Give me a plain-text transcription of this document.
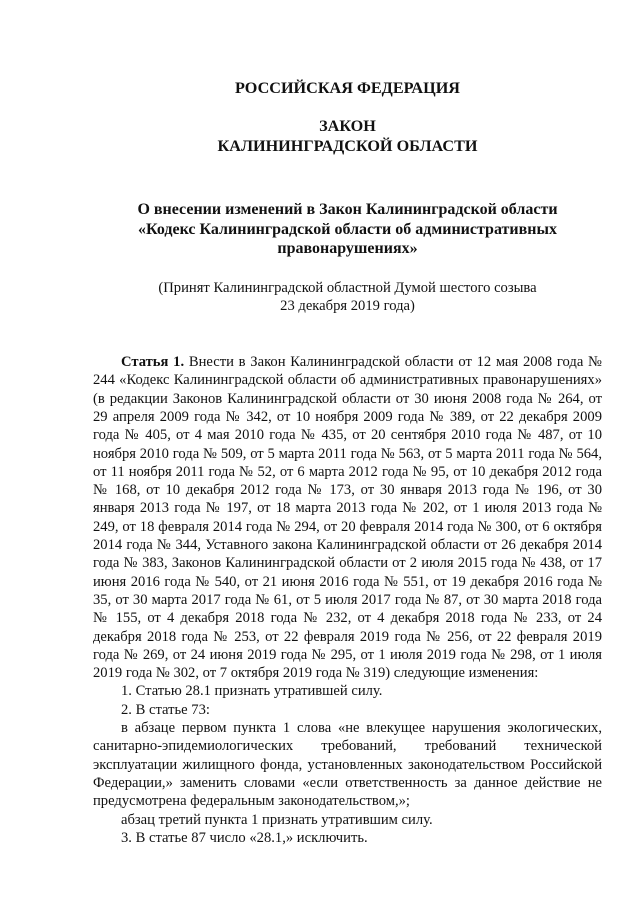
РОССИЙСКАЯ ФЕДЕРАЦИЯ
ЗАКОН
КАЛИНИНГРАДСКОЙ ОБЛАСТИ

О внесении изменений в Закон Калининградской области

«Кодекс Калининградской области об административных

правонарушениях»

(Принят Калининградской областной Думой шестого созыва

23 декабря 2019 года)

Статья 1. Внести в Закон Калининградской области от 12 мая 2008 года № 244 «Кодекс Калининградской области об административных правонарушениях» (в редакции Законов Калининградской области от 30 июня 2008 года № 264, от 29 апреля 2009 года № 342, от 10 ноября 2009 года № 389, от 22 декабря 2009 года № 405, от 4 мая 2010 года № 435, от 20 сентября 2010 года № 487, от 10 ноября 2010 года № 509, от 5 марта 2011 года № 563, от 5 марта 2011 года № 564, от 11 ноября 2011 года № 52, от 6 марта 2012 года № 95, от 10 декабря 2012 года № 168, от 10 декабря 2012 года № 173, от 30 января 2013 года № 196, от 30 января 2013 года № 197, от 18 марта 2013 года № 202, от 1 июля 2013 года № 249, от 18 февраля 2014 года № 294, от 20 февраля 2014 года № 300, от 6 октября 2014 года № 344, Уставного закона Калининградской области от 26 декабря 2014 года № 383, Законов Калининградской области от 2 июля 2015 года № 438, от 17 июня 2016 года № 540, от 21 июня 2016 года № 551, от 19 декабря 2016 года № 35, от 30 марта 2017 года № 61, от 5 июля 2017 года № 87, от 30 марта 2018 года № 155, от 4 декабря 2018 года № 232, от 4 декабря 2018 года № 233, от 24 декабря 2018 года № 253, от 22 февраля 2019 года № 256, от 22 февраля 2019 года № 269, от 24 июня 2019 года № 295, от 1 июля 2019 года № 298, от 1 июля 2019 года № 302, от 7 октября 2019 года № 319) следующие изменения:

1. Статью 28.1 признать утратившей силу.

2. В статье 73:

в абзаце первом пункта 1 слова «не влекущее нарушения экологических, санитарно-эпидемиологических требований, требований технической эксплуатации жилищного фонда, установленных законодательством Российской Федерации,» заменить словами «если ответственность за данное действие не предусмотрена федеральным законодательством,»;

абзац третий пункта 1 признать утратившим силу.

3. В статье 87 число «28.1,» исключить.
